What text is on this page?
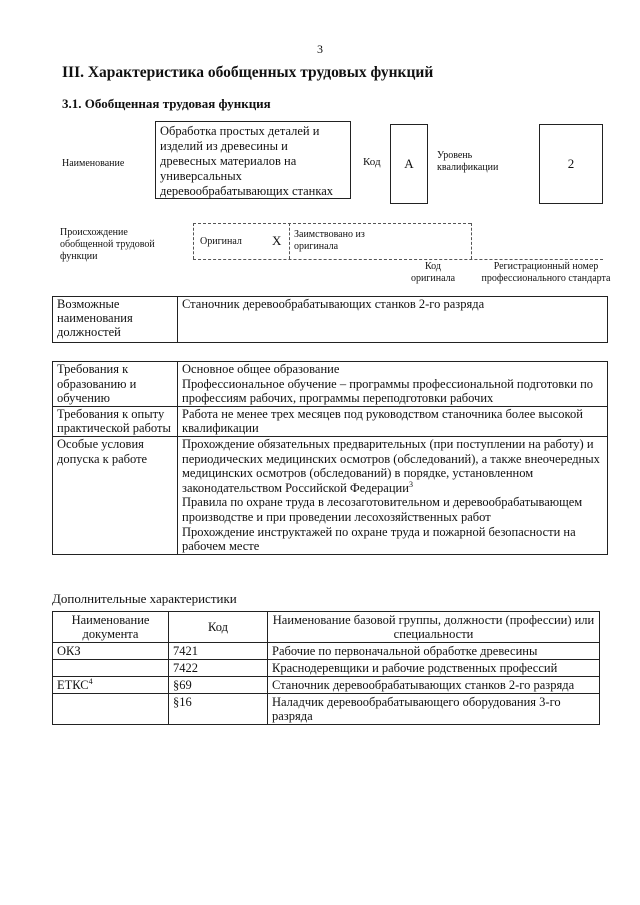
3
III. Характеристика обобщенных трудовых функций
3.1. Обобщенная трудовая функция
Наименование
Обработка простых деталей и изделий из древесины и древесных материалов на универсальных деревообрабатывающих станках
Код	A
Уровень квалификации	2
Происхождение обобщенной трудовой функции
Оригинал X Заимствовано из оригинала
Код оригинала
Регистрационный номер профессионального стандарта
Возможные наименования должностей	Станочник деревообрабатывающих станков 2-го разряда
Требования к образованию и обучению	Основное общее образование
Профессиональное обучение – программы профессиональной подготовки по профессиям рабочих, программы переподготовки рабочих

Требования к опыту практической работы	Работа не менее трех месяцев под руководством станочника более высокой квалификации

Особые условия допуска к работе	Прохождение обязательных предварительных (при поступлении на работу) и периодических медицинских осмотров (обследований), а также внеочередных медицинских осмотров (обследований) в порядке, установленном законодательством Российской Федерации$^3$
Правила по охране труда в лесозаготовительном и деревообрабатывающем производстве и при проведении лесохозяйственных работ
Прохождение инструктажей по охране труда и пожарной безопасности на рабочем месте
Дополнительные характеристики
Наименование документа	Код	Наименование базовой группы, должности (профессии) или специальности
ОКЗ	7421	Рабочие по первоначальной обработке древесины
	7422	Краснодеревщики и рабочие родственных профессий
ЕТКС$^4$	§69	Станочник деревообрабатывающих станков 2-го разряда
	§16	Наладчик деревообрабатывающего оборудования 3-го разряда
